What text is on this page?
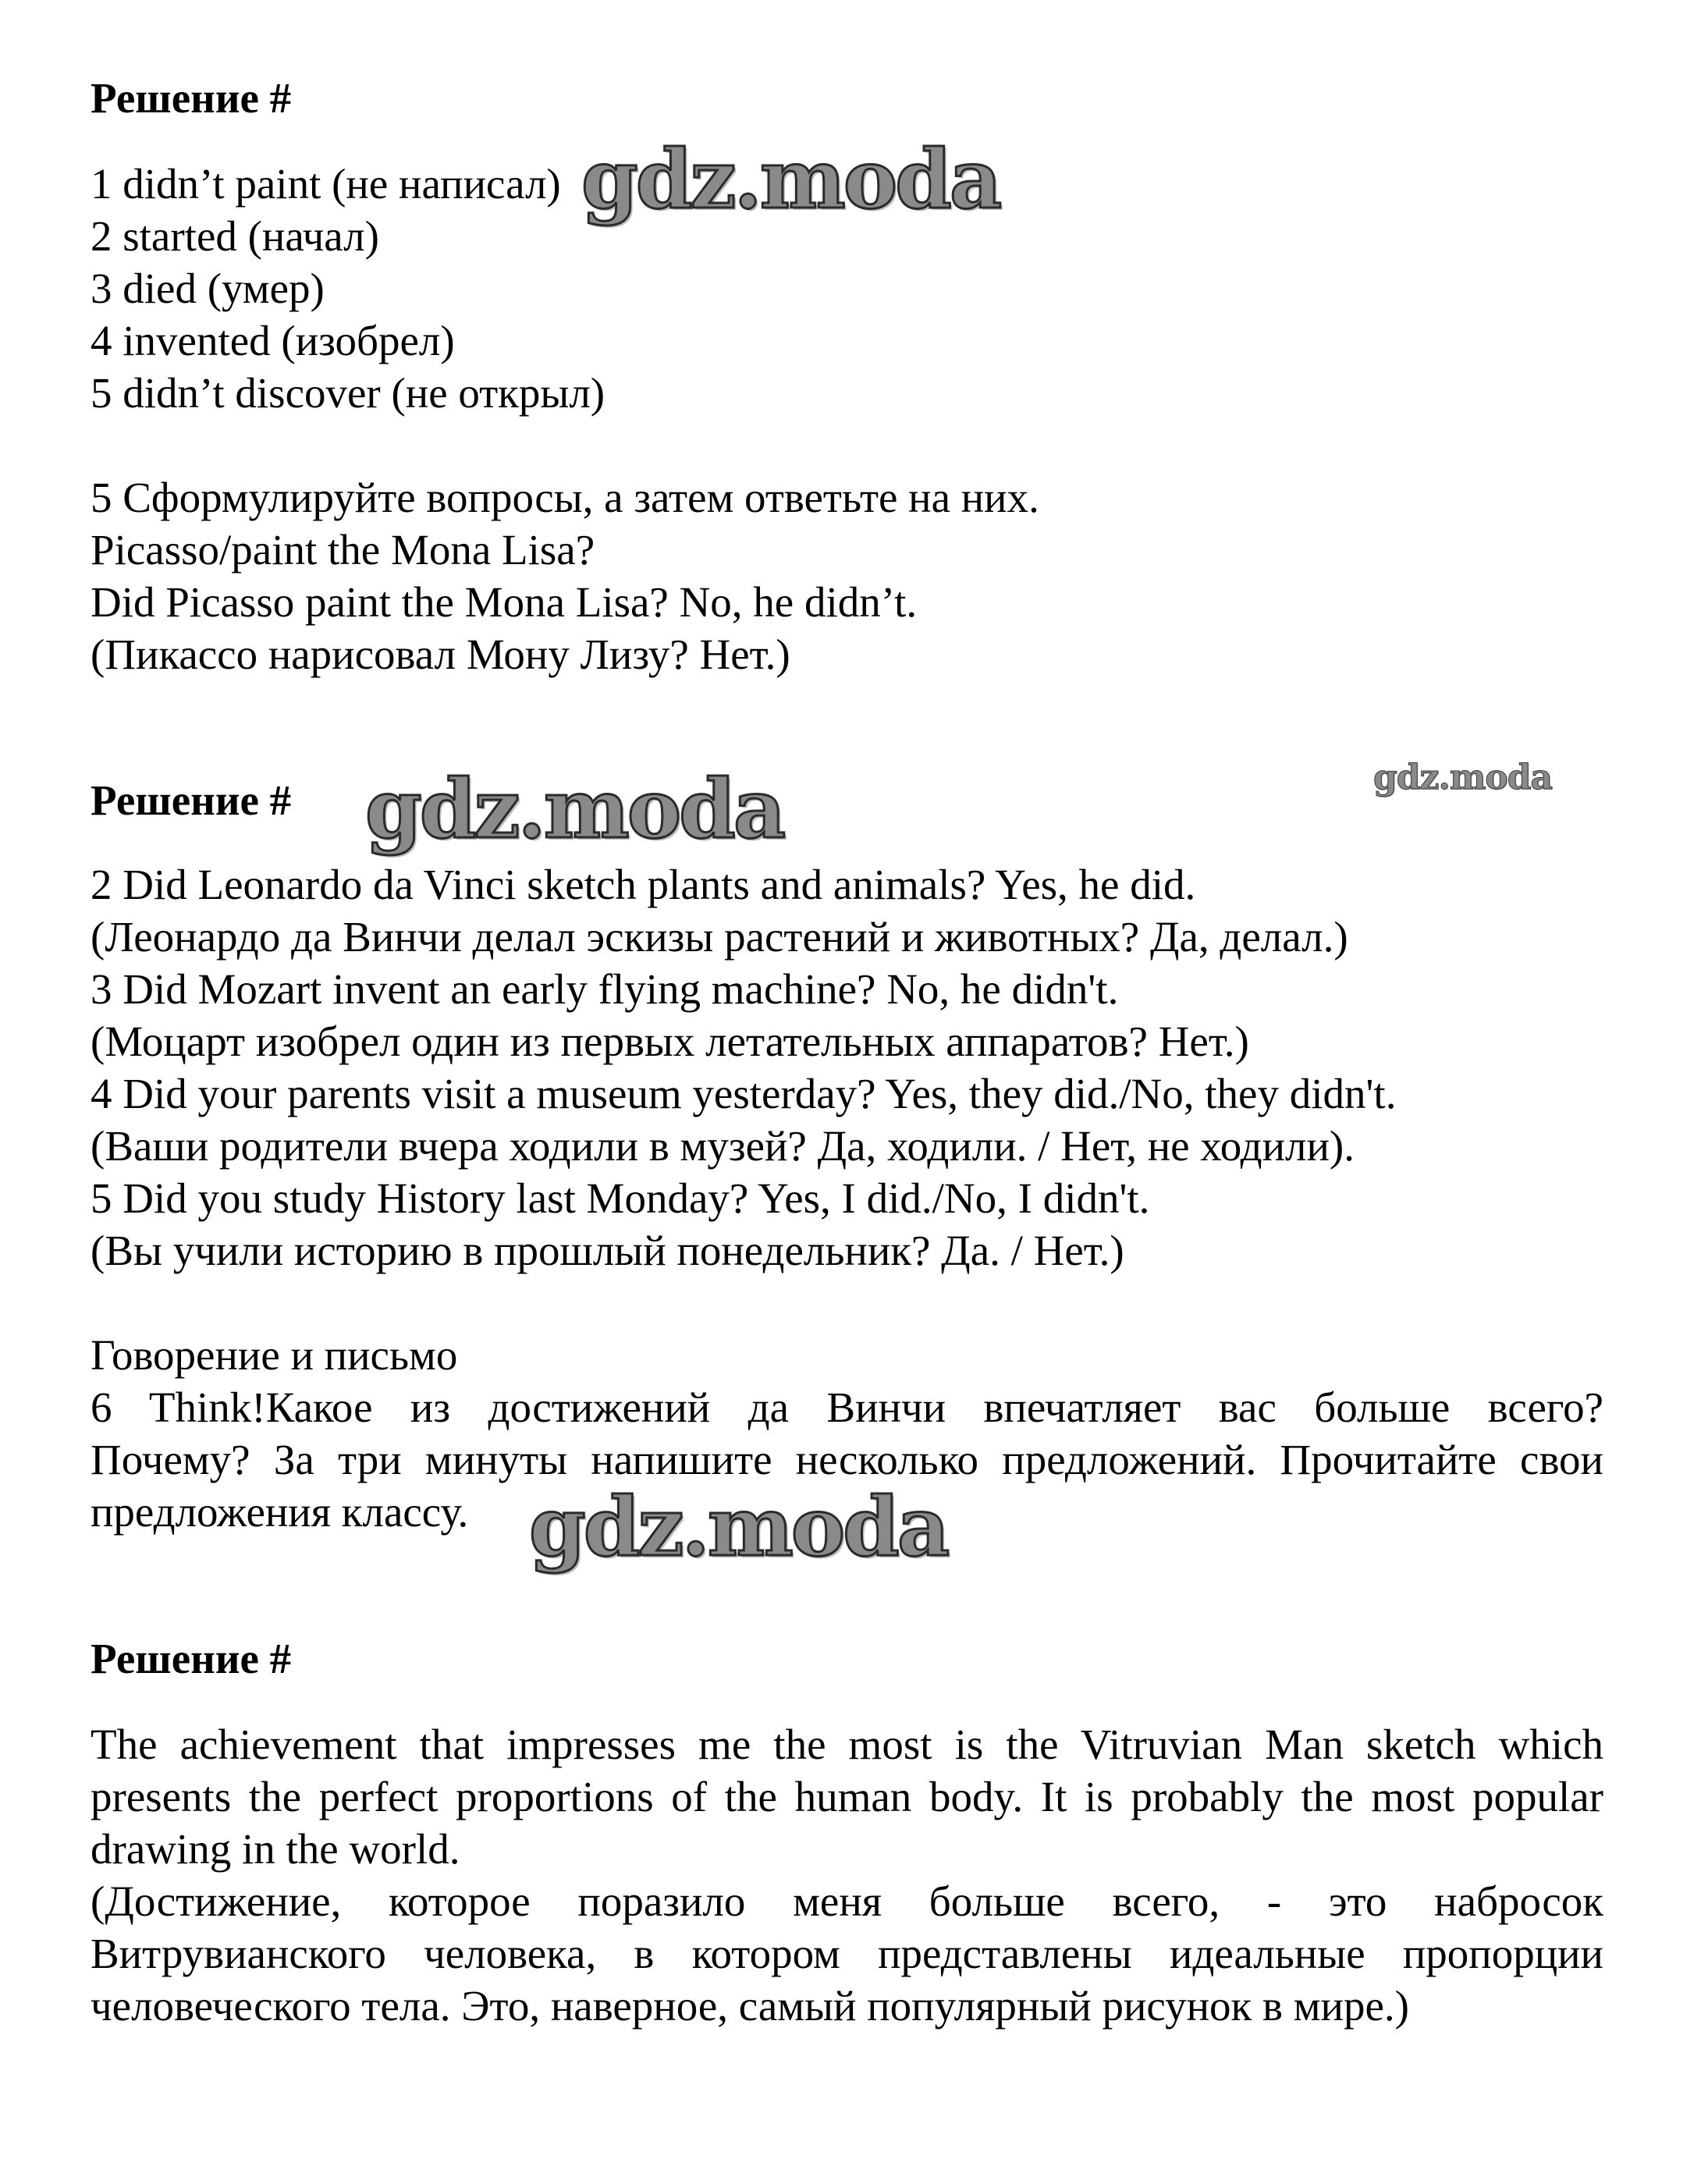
Решение #
1 didn’t paint (не написал)
2 started (начал)
3 died (умер)
4 invented (изобрел)
5 didn’t discover (не открыл)
5 Сформулируйте вопросы, а затем ответьте на них.
Picasso/paint the Mona Lisa?
Did Picasso paint the Mona Lisa? No, he didn’t.
(Пикассо нарисовал Мону Лизу? Нет.)
Решение #
2 Did Leonardo da Vinci sketch plants and animals? Yes, he did.
(Леонардо да Винчи делал эскизы растений и животных? Да, делал.)
3 Did Mozart invent an early flying machine? No, he didn't.
(Моцарт изобрел один из первых летательных аппаратов? Нет.)
4 Did your parents visit a museum yesterday? Yes, they did./No, they didn't.
(Ваши родители вчера ходили в музей? Да, ходили. / Нет, не ходили).
5 Did you study History last Monday? Yes, I did./No, I didn't.
(Вы учили историю в прошлый понедельник? Да. / Нет.)
Говорение и письмо
6 Think!Какое из достижений да Винчи впечатляет вас больше всего?
Почему? За три минуты напишите несколько предложений. Прочитайте свои
предложения классу.
Решение #
The achievement that impresses me the most is the Vitruvian Man sketch which
presents the perfect proportions of the human body. It is probably the most popular
drawing in the world.
(Достижение, которое поразило меня больше всего, - это набросок
Витрувианского человека, в котором представлены идеальные пропорции
человеческого тела. Это, наверное, самый популярный рисунок в мире.)
gdz.moda
gdz.moda	gdz.moda
gdz.moda
